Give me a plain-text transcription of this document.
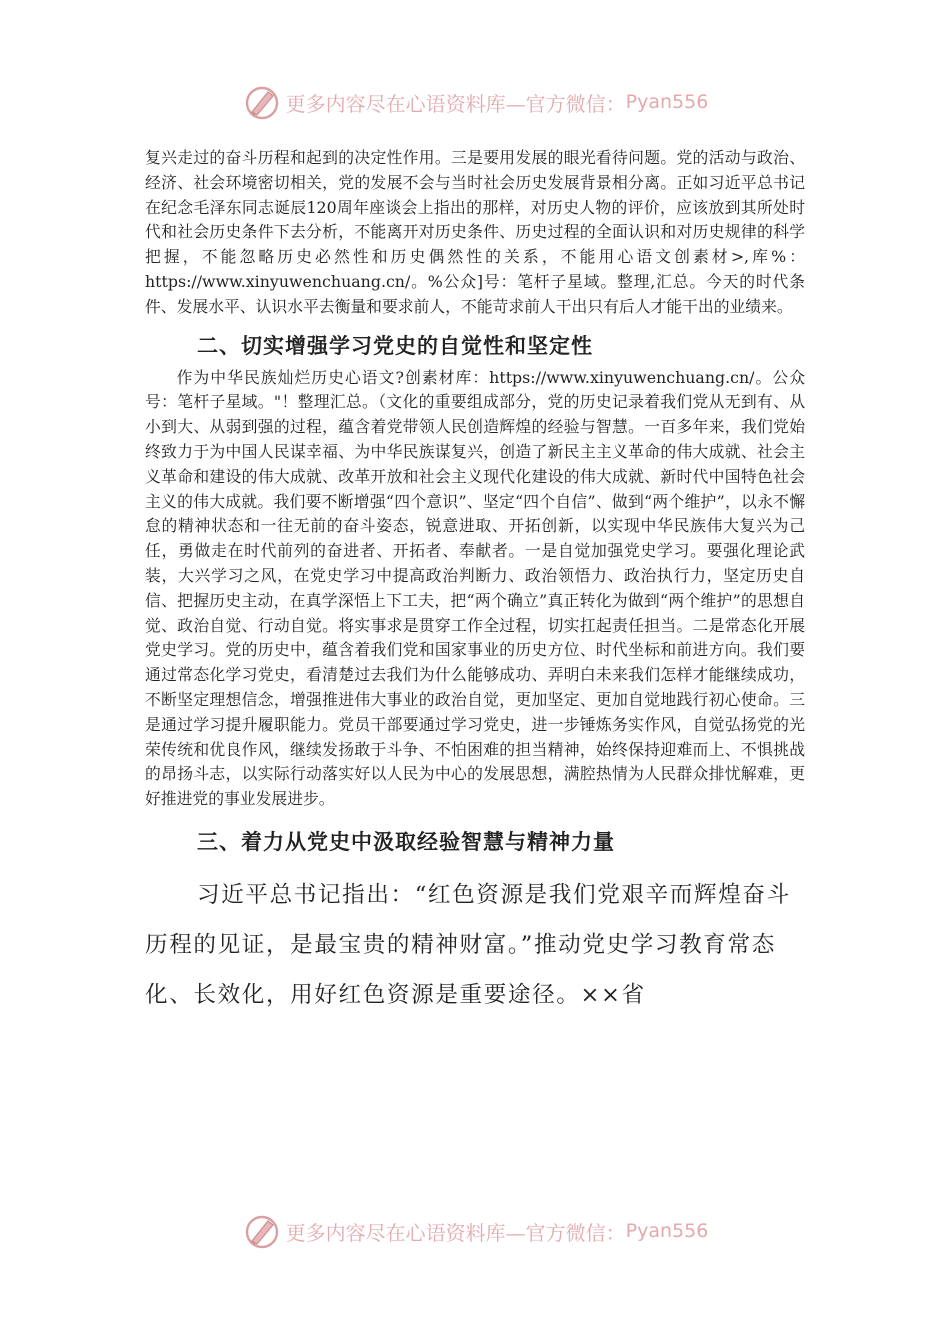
更多内容尽在心语资料库—官方微信： Pyan556

复兴走过的奋斗历程和起到的决定性作用。三是要用发展的眼光看待问题。党的活动与政治、经济、社会环境密切相关，党的发展不会与当时社会历史发展背景相分离。正如习近平总书记在纪念毛泽东同志诞辰120周年座谈会上指出的那样，对历史人物的评价，应该放到其所处时代和社会历史条件下去分析，不能离开对历史条件、历史过程的全面认识和对历史规律的科学把握，不能忽略历史必然性和历史偶然性的关系，不能用心语文创素材>,库%：https://www.xinyuwenchuang.cn/。%公众]号：笔杆子星域。整理,汇总。今天的时代条件、发展水平、认识水平去衡量和要求前人，不能苛求前人干出只有后人才能干出的业绩来。

二、切实增强学习党史的自觉性和坚定性

作为中华民族灿烂历史心语文?创素材库：https://www.xinyuwenchuang.cn/。公众号：笔杆子星域。"！整理汇总。（文化的重要组成部分，党的历史记录着我们党从无到有、从小到大、从弱到强的过程，蕴含着党带领人民创造辉煌的经验与智慧。一百多年来，我们党始终致力于为中国人民谋幸福、为中华民族谋复兴，创造了新民主主义革命的伟大成就、社会主义革命和建设的伟大成就、改革开放和社会主义现代化建设的伟大成就、新时代中国特色社会主义的伟大成就。我们要不断增强“四个意识”、坚定“四个自信”、做到“两个维护”，以永不懈怠的精神状态和一往无前的奋斗姿态，锐意进取、开拓创新，以实现中华民族伟大复兴为己任，勇做走在时代前列的奋进者、开拓者、奉献者。一是自觉加强党史学习。要强化理论武装，大兴学习之风，在党史学习中提高政治判断力、政治领悟力、政治执行力，坚定历史自信、把握历史主动，在真学深悟上下工夫，把“两个确立”真正转化为做到“两个维护”的思想自觉、政治自觉、行动自觉。将实事求是贯穿工作全过程，切实扛起责任担当。二是常态化开展党史学习。党的历史中，蕴含着我们党和国家事业的历史方位、时代坐标和前进方向。我们要通过常态化学习党史，看清楚过去我们为什么能够成功、弄明白未来我们怎样才能继续成功，不断坚定理想信念，增强推进伟大事业的政治自觉，更加坚定、更加自觉地践行初心使命。三是通过学习提升履职能力。党员干部要通过学习党史，进一步锤炼务实作风，自觉弘扬党的光荣传统和优良作风，继续发扬敢于斗争、不怕困难的担当精神，始终保持迎难而上、不惧挑战的昂扬斗志，以实际行动落实好以人民为中心的发展思想，满腔热情为人民群众排忧解难，更好推进党的事业发展进步。

三、着力从党史中汲取经验智慧与精神力量

习近平总书记指出：“红色资源是我们党艰辛而辉煌奋斗历程的见证，是最宝贵的精神财富。”推动党史学习教育常态化、长效化，用好红色资源是重要途径。××省

更多内容尽在心语资料库—官方微信： Pyan556
